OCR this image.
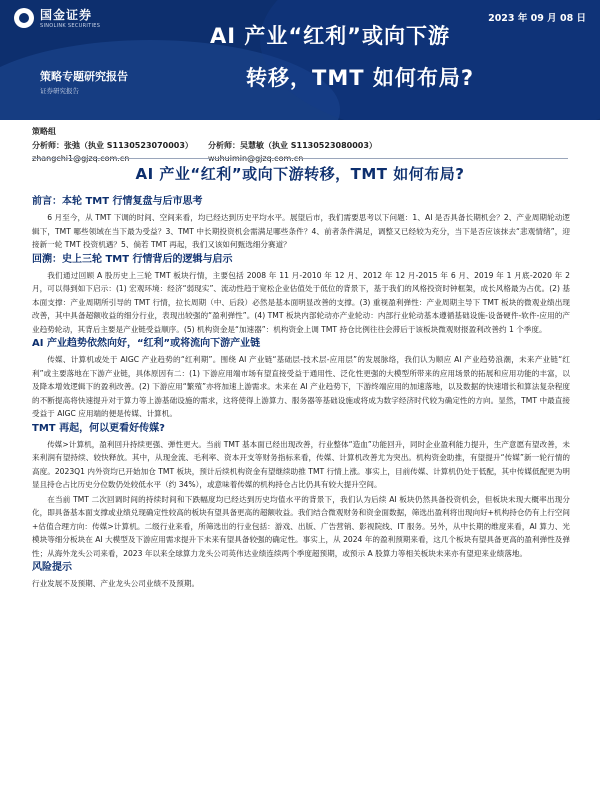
国金证券
SINOLINK SECURITIES
2023 年 09 月 08 日
AI 产业“红利”或向下游
转移，TMT 如何布局?
策略专题研究报告
证券研究报告
策略组
分析师：张弛（执业 S1130523070003）	分析师：吴慧敏（执业 S1130523080003）
AI 产业“红利”或向下游转移，TMT 如何布局?
前言：本轮 TMT 行情复盘与后市思考

6 月至今，从 TMT 下调的时间、空间来看，均已经达到历史平均水平。展望后市，我们需要思考以下问题：1、AI 是否具备长期机会？2、产业周期轮动逻辑下，TMT 哪些领域在当下最为受益？3、TMT 中长期投资机会需满足哪些条件？4、前者条件满足，调整又已经较为充分，当下是否应该抹去“悲观情绪”，迎接新一轮 TMT 投资机遇？5、倘若 TMT 再起，我们又该如何甄选细分赛道？

回溯：史上三轮 TMT 行情背后的逻辑与启示

我们通过回顾 A 股历史上三轮 TMT 板块行情，主要包括 2008 年 11 月-2010 年 12 月、2012 年 12 月-2015 年 6 月、2019 年 1 月底-2020 年 2 月，可以得到如下启示：(1) 宏观环境：经济“弱现实”、流动性趋于宽松企业估值处于低位的背景下，基于我们的风格投资时钟框架，成长风格最为占优。(2) 基本面支撑：产业周期所引导的 TMT 行情，拉长周期（中、后段）必然是基本面明显改善的支撑。(3) 重视盈利弹性：产业周期主导下 TMT 板块的微观业绩出现改善，其中具备超额收益的细分行业，表现出较强的“盈利弹性”。(4) TMT 板块内部轮动亦产业轮动：内部行业轮动基本遵循基础设施-设备硬件-软件-应用的产业趋势轮动，其背后主要是产业链受益顺序。(5) 机构资金是“加速器”：机构资金上调 TMT 持仓比例往往会滞后于该板块微观财报盈利改善约 1 个季度。

AI 产业趋势依然向好，“红利”或将流向下游产业链

传媒、计算机或处于 AIGC 产业趋势的“红利期”。围绕 AI 产业链“基础层-技术层-应用层”的发展脉络，我们认为顺应 AI 产业趋势浪潮，未来产业链“红利”或主要落地在下游产业链，具体原因有二：(1) 下游应用端市场有望直接受益于通用性、泛化性更强的大模型所带来的应用场景的拓展和应用功能的丰富，以及降本增效逻辑下的盈利改善。(2) 下游应用“繁殖”亦将加速上游需求。未来在 AI 产业趋势下，下游终端应用的加速落地，以及数据的快速增长和算法复杂程度的不断提高将快速提升对于算力等上游基础设施的需求，这将使得上游算力、服务器等基础设施或将成为数字经济时代较为确定性的方向。显然，TMT 中最直接受益于 AIGC 应用端的便是传媒、计算机。

TMT 再起，何以更看好传媒?

传媒>计算机，盈利回升持续更强、弹性更大。当前 TMT 基本面已经出现改善，行业整体“造血”功能回升，同时企业盈利能力提升，生产意愿有望改善，未来利润有望持续、较快释放。其中，从现金流、毛利率、资本开支等财务指标来看，传媒、计算机改善尤为突出。机构资金助推，有望提升“传媒”新一轮行情的高度。2023Q1 内外资均已开始加仓 TMT 板块，预计后续机构资金有望继续助推 TMT 行情上涨。事实上，目前传媒、计算机仍处于低配，其中传媒低配更为明显且持仓占比历史分位数仍处较低水平（约 34%），或意味着传媒的机构持仓占比仍具有较大提升空间。

在当前 TMT 二次回调时间的持续时间和下跌幅度均已经达到历史均值水平的背景下，我们认为后续 AI 板块仍然具备投资机会，但板块未现大概率出现分化，即具备基本面支撑或业绩兑现确定性较高的板块有望具备更高的超额收益。我们结合微观财务和资金面数据，筛选出盈利将出现向好+机构持仓仍有上行空间+估值合理方向：传媒>计算机。二级行业来看，所筛选出的行业包括：游戏、出版、广告营销、影视院线、IT 服务。另外，从中长期的维度来看，AI 算力、光模块等细分板块在 AI 大模型及下游应用需求提升下未来有望具备较强的确定性。事实上，从 2024 年的盈利预期来看，这几个板块有望具备更高的盈利弹性及弹性；从海外龙头公司来看，2023 年以来全球算力龙头公司英伟达业绩连续两个季度超预期，或预示 A 股算力等相关板块未来亦有望迎来业绩落地。

风险提示

行业发展不及预期、产业龙头公司业绩不及预期。
